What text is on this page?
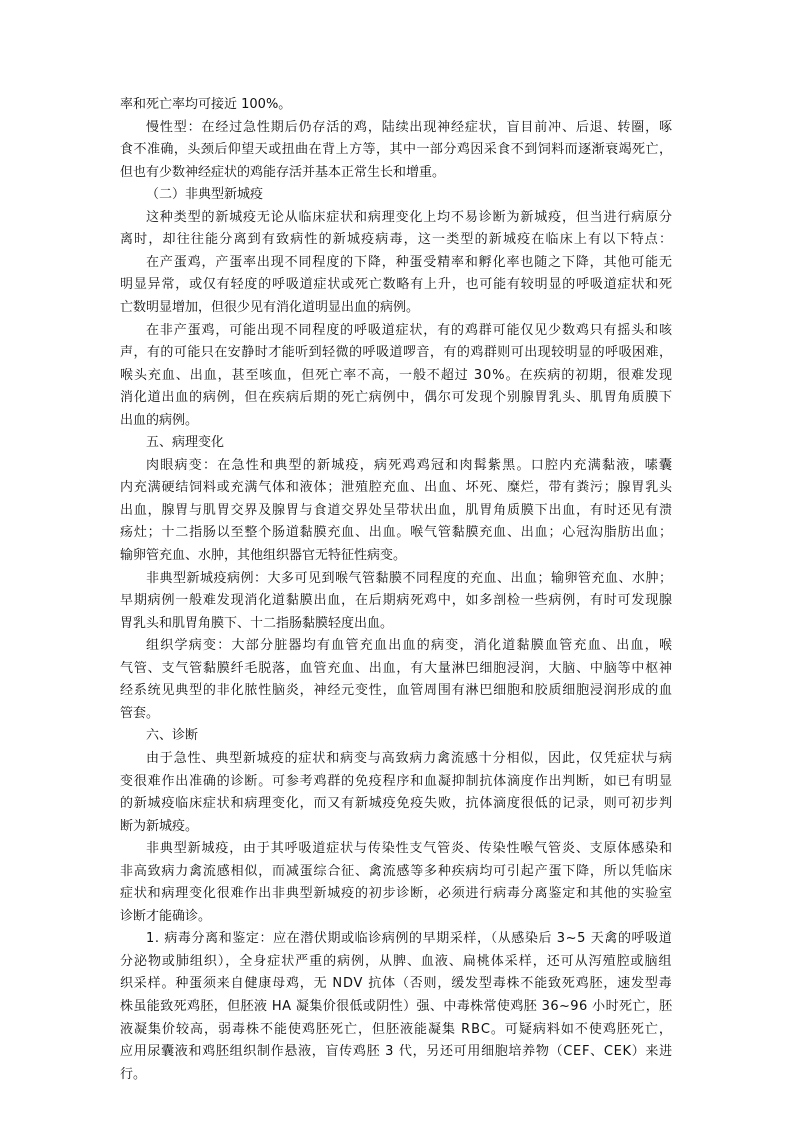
率和死亡率均可接近 100%。
慢性型：在经过急性期后仍存活的鸡，陆续出现神经症状，盲目前冲、后退、转圈，啄
食不准确，头颈后仰望天或扭曲在背上方等，其中一部分鸡因采食不到饲料而逐渐衰竭死亡，
但也有少数神经症状的鸡能存活并基本正常生长和增重。
（二）非典型新城疫
这种类型的新城疫无论从临床症状和病理变化上均不易诊断为新城疫，但当进行病原分
离时，却往往能分离到有致病性的新城疫病毒，这一类型的新城疫在临床上有以下特点：
在产蛋鸡，产蛋率出现不同程度的下降，种蛋受精率和孵化率也随之下降，其他可能无
明显异常，或仅有轻度的呼吸道症状或死亡数略有上升，也可能有较明显的呼吸道症状和死
亡数明显增加，但很少见有消化道明显出血的病例。
在非产蛋鸡，可能出现不同程度的呼吸道症状，有的鸡群可能仅见少数鸡只有摇头和咳
声，有的可能只在安静时才能听到轻微的呼吸道啰音，有的鸡群则可出现较明显的呼吸困难，
喉头充血、出血，甚至咳血，但死亡率不高，一般不超过 30%。在疾病的初期，很难发现
消化道出血的病例，但在疾病后期的死亡病例中，偶尔可发现个别腺胃乳头、肌胃角质膜下
出血的病例。
五、病理变化
肉眼病变：在急性和典型的新城疫，病死鸡鸡冠和肉髯紫黑。口腔内充满黏液，嗉囊
内充满硬结饲料或充满气体和液体；泄殖腔充血、出血、坏死、糜烂，带有粪污；腺胃乳头
出血，腺胃与肌胃交界及腺胃与食道交界处呈带状出血，肌胃角质膜下出血，有时还见有溃
疡灶；十二指肠以至整个肠道黏膜充血、出血。喉气管黏膜充血、出血；心冠沟脂肪出血；
输卵管充血、水肿，其他组织器官无特征性病变。
非典型新城疫病例：大多可见到喉气管黏膜不同程度的充血、出血；输卵管充血、水肿；
早期病例一般难发现消化道黏膜出血，在后期病死鸡中，如多剖检一些病例，有时可发现腺
胃乳头和肌胃角膜下、十二指肠黏膜轻度出血。
组织学病变：大部分脏器均有血管充血出血的病变，消化道黏膜血管充血、出血，喉
气管、支气管黏膜纤毛脱落，血管充血、出血，有大量淋巴细胞浸润，大脑、中脑等中枢神
经系统见典型的非化脓性脑炎，神经元变性，血管周围有淋巴细胞和胶质细胞浸润形成的血
管套。
六、诊断
由于急性、典型新城疫的症状和病变与高致病力禽流感十分相似，因此，仅凭症状与病
变很难作出准确的诊断。可参考鸡群的免疫程序和血凝抑制抗体滴度作出判断，如已有明显
的新城疫临床症状和病理变化，而又有新城疫免疫失败，抗体滴度很低的记录，则可初步判
断为新城疫。
非典型新城疫，由于其呼吸道症状与传染性支气管炎、传染性喉气管炎、支原体感染和
非高致病力禽流感相似，而减蛋综合征、禽流感等多种疾病均可引起产蛋下降，所以凭临床
症状和病理变化很难作出非典型新城疫的初步诊断，必须进行病毒分离鉴定和其他的实验室
诊断才能确诊。
1. 病毒分离和鉴定：应在潜伏期或临诊病例的早期采样，（从感染后 3~5 天禽的呼吸道
分泌物或肺组织），全身症状严重的病例，从脾、血液、扁桃体采样，还可从泻殖腔或脑组
织采样。种蛋须来自健康母鸡，无 NDV 抗体（否则，缓发型毒株不能致死鸡胚，速发型毒
株虽能致死鸡胚，但胚液 HA 凝集价很低或阴性）强、中毒株常使鸡胚 36~96 小时死亡，胚
液凝集价较高，弱毒株不能使鸡胚死亡，但胚液能凝集 RBC。可疑病料如不使鸡胚死亡，
应用尿囊液和鸡胚组织制作悬液，盲传鸡胚 3 代，另还可用细胞培养物（CEF、CEK）来进
行。
